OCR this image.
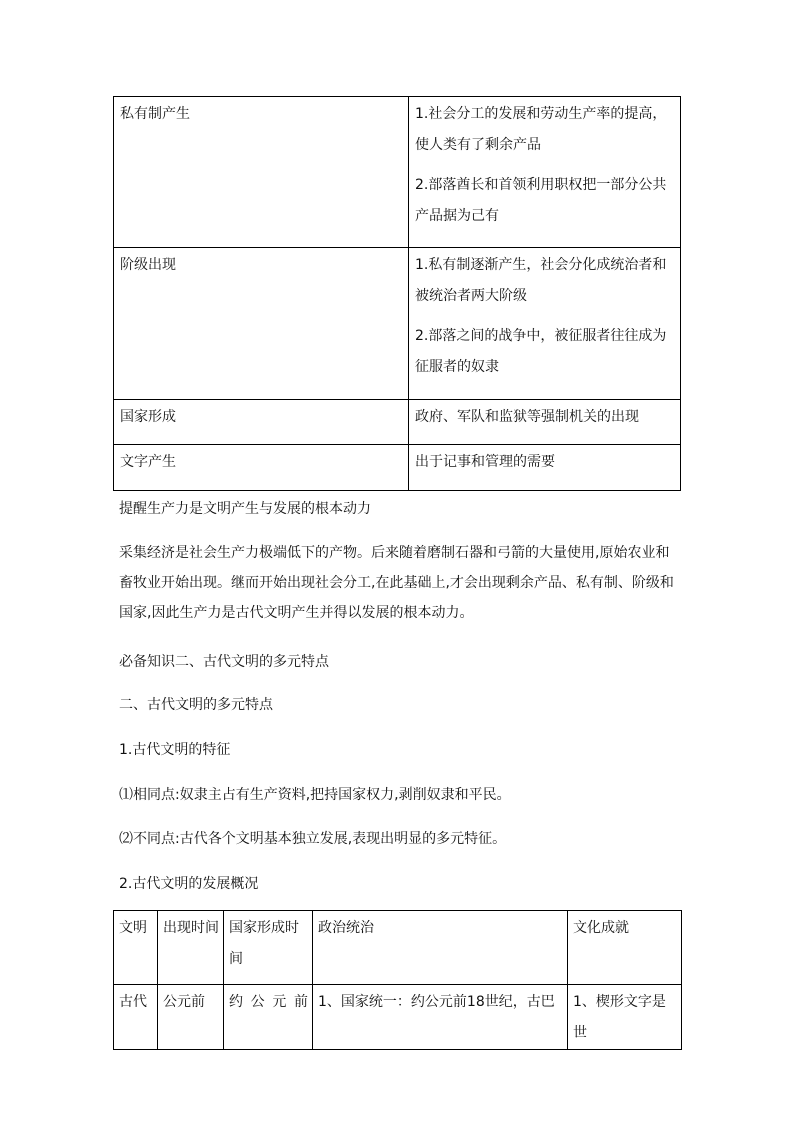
私有制产生	1.社会分工的发展和劳动生产率的提高，使人类有了剩余产品

2.部落酋长和首领利用职权把一部分公共产品据为己有

阶级出现	1.私有制逐渐产生，社会分化成统治者和被统治者两大阶级

2.部落之间的战争中，被征服者往往成为征服者的奴隶

国家形成	政府、军队和监狱等强制机关的出现
文字产生	出于记事和管理的需要

提醒生产力是文明产生与发展的根本动力

采集经济是社会生产力极端低下的产物。后来随着磨制石器和弓箭的大量使用,原始农业和畜牧业开始出现。继而开始出现社会分工,在此基础上,才会出现剩余产品、私有制、阶级和国家,因此生产力是古代文明产生并得以发展的根本动力。

必备知识二、古代文明的多元特点

二、古代文明的多元特点

1.古代文明的特征

⑴相同点:奴隶主占有生产资料,把持国家权力,剥削奴隶和平民。

⑵不同点:古代各个文明基本独立发展,表现出明显的多元特征。

2.古代文明的发展概况

文明	出现时间	国家形成时间	政治统治	文化成就
古代	公元前	约公元前	1、国家统一：约公元前18世纪，古巴	1、楔形文字是世
